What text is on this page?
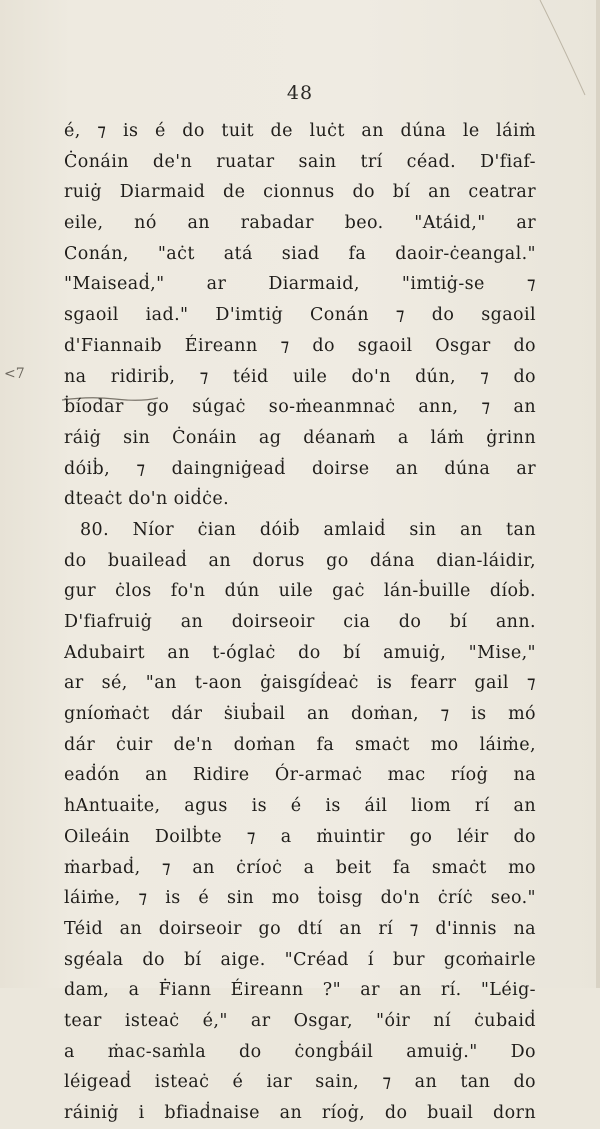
48
<7
é, ⁊ is é do tuit de luċt an dúna le láiṁ
Ċonáin de'n ruatar sain trí céad. D'fiaf-
ruiġ Diarmaid de cionnus do bí an ceatrar
eile, nó an rabadar beo. "Atáid," ar
Conán, "aċt atá siad fa daoir-ċeangal."
"Maiseaḋ," ar Diarmaid, "imtiġ-se ⁊
sgaoil iad." D'imtiġ Conán ⁊ do sgaoil
d'Fiannaib Éireann ⁊ do sgaoil Osgar do
na ridiriḃ, ⁊ téid uile do'n dún, ⁊ do
ḃíodar go súgaċ so-ṁeanmnaċ ann, ⁊ an
ráiġ sin Ċonáin ag déanaṁ a láṁ ġrinn
dóiḃ, ⁊ daingniġeaḋ doirse an dúna ar
dteaċt do'n oiḋċe.
80. Níor ċian dóiḃ amlaiḋ sin an tan
do buaileaḋ an dorus go dána dian-láidir,
gur ċlos fo'n dún uile gaċ lán-ḃuille díoḃ.
D'fiafruiġ an doirseoir cia do bí ann.
Adubairt an t-óglaċ do bí amuiġ, "Mise,"
ar sé, "an t-aon ġaisgíḋeaċ is fearr gail ⁊
gníoṁaċt dár ṡiuḃail an doṁan, ⁊ is mó
dár ċuir de'n doṁan fa smaċt mo láiṁe,
eaḋón an Ridire Ór-armaċ mac ríoġ na
hAntuaiṫe, agus is é is áil liom rí an
Oileáin Doilḃte ⁊ a ṁuintir go léir do
ṁarbaḋ, ⁊ an ċríoċ a beit fa smaċt mo
láiṁe, ⁊ is é sin mo ṫoisg do'n ċríċ seo."
Téid an doirseoir go dtí an rí ⁊ d'innis na
sgéala do bí aige. "Créad í bur gcoṁairle
dam, a Ḟiann Éireann ?" ar an rí. "Léig-
tear isteaċ é," ar Osgar, "óir ní ċubaiḋ
a ṁac-saṁla do ċongḃáil amuiġ." Do
léigeaḋ isteaċ é iar sain, ⁊ an tan do
ráiniġ i bfiaḋnaise an ríoġ, do buail dorn
